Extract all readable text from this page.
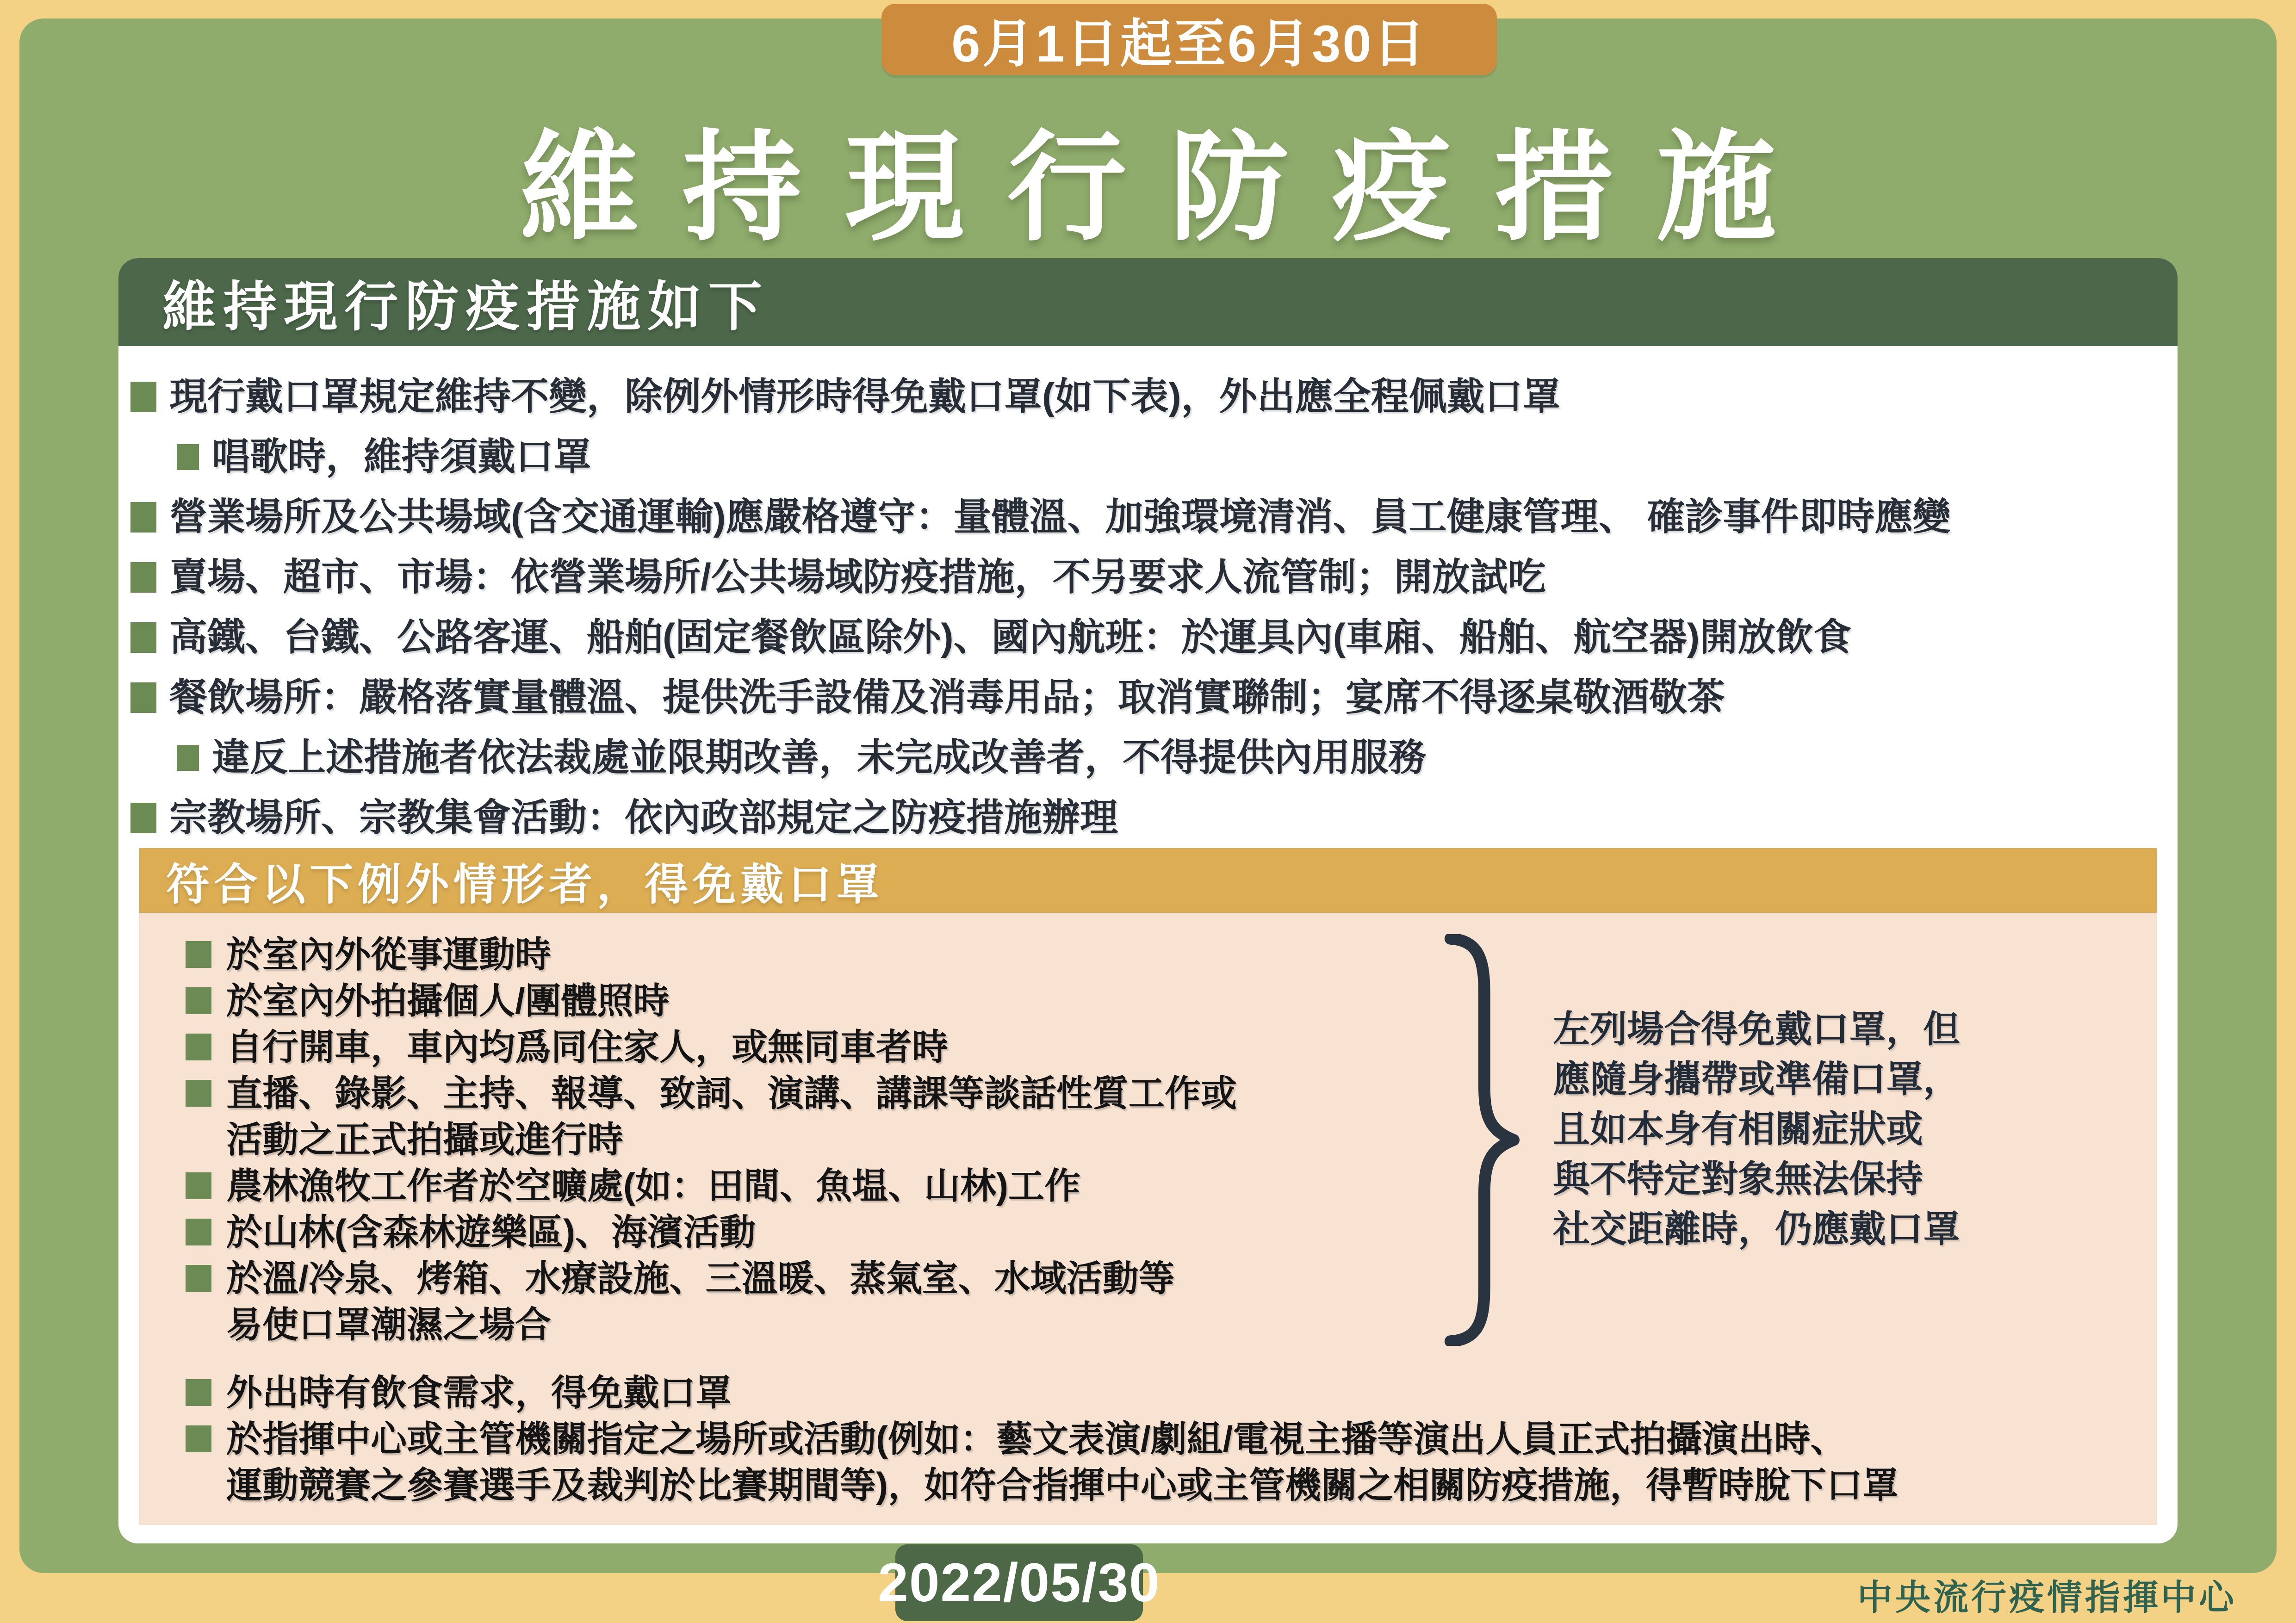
6月1日起至6月30日
維持現行防疫措施
維持現行防疫措施如下
現行戴口罩規定維持不變，除例外情形時得免戴口罩(如下表)，外出應全程佩戴口罩
唱歌時，維持須戴口罩
營業場所及公共場域(含交通運輸)應嚴格遵守：量體溫、加強環境清消、員工健康管理、 確診事件即時應變
賣場、超市、市場：依營業場所/公共場域防疫措施，不另要求人流管制；開放試吃
高鐵、台鐵、公路客運、船舶(固定餐飲區除外)、國內航班：於運具內(車廂、船舶、航空器)開放飲食
餐飲場所：嚴格落實量體溫、提供洗手設備及消毒用品；取消實聯制；宴席不得逐桌敬酒敬茶
違反上述措施者依法裁處並限期改善，未完成改善者，不得提供內用服務
宗教場所、宗教集會活動：依內政部規定之防疫措施辦理
符合以下例外情形者，得免戴口罩
於室內外從事運動時
於室內外拍攝個人/團體照時
自行開車，車內均爲同住家人，或無同車者時
直播、錄影、主持、報導、致詞、演講、講課等談話性質工作或
活動之正式拍攝或進行時
農林漁牧工作者於空曠處(如：田間、魚塭、山林)工作
於山林(含森林遊樂區)、海濱活動
於溫/冷泉、烤箱、水療設施、三溫暖、蒸氣室、水域活動等
易使口罩潮濕之場合
左列場合得免戴口罩，但
應隨身攜帶或準備口罩，
且如本身有相關症狀或
與不特定對象無法保持
社交距離時，仍應戴口罩
外出時有飲食需求，得免戴口罩
於指揮中心或主管機關指定之場所或活動(例如：藝文表演/劇組/電視主播等演出人員正式拍攝演出時、
運動競賽之參賽選手及裁判於比賽期間等)，如符合指揮中心或主管機關之相關防疫措施，得暫時脫下口罩
2022/05/30	中央流行疫情指揮中心
